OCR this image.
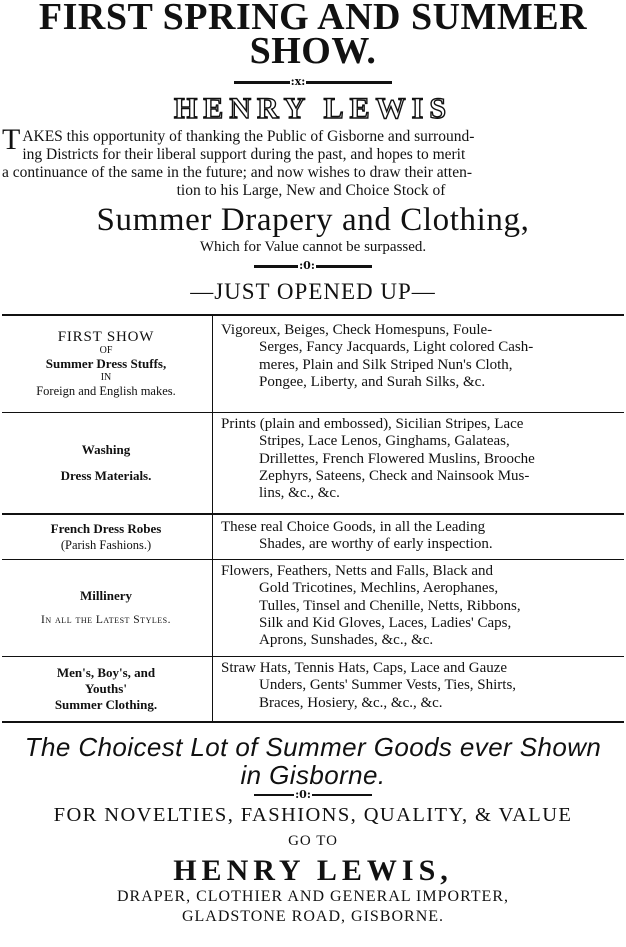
FIRST SPRING AND SUMMER
SHOW.
:x:
HENRY LEWIS
T AKES this opportunity of thanking the Public of Gisborne and surround-
ing Districts for their liberal support during the past, and hopes to merit
a continuance of the same in the future; and now wishes to draw their atten-
tion to his Large, New and Choice Stock of
Summer Drapery and Clothing,
Which for Value cannot be surpassed.
:0:
—JUST OPENED UP—
FIRST SHOW
OF
Summer Dress Stuffs,
IN
Foreign and English makes.
Vigoreux, Beiges, Check Homespuns, Foule-
Serges, Fancy Jacquards, Light colored Cash-
meres, Plain and Silk Striped Nun's Cloth,
Pongee, Liberty, and Surah Silks, &c.
Washing
Dress Materials.
Prints (plain and embossed), Sicilian Stripes, Lace
Stripes, Lace Lenos, Ginghams, Galateas,
Drillettes, French Flowered Muslins, Brooche
Zephyrs, Sateens, Check and Nainsook Mus-
lins, &c., &c.
French Dress Robes
(Parish Fashions.)
These real Choice Goods, in all the Leading
Shades, are worthy of early inspection.
Millinery
In all the Latest Styles.
Flowers, Feathers, Netts and Falls, Black and
Gold Tricotines, Mechlins, Aerophanes,
Tulles, Tinsel and Chenille, Netts, Ribbons,
Silk and Kid Gloves, Laces, Ladies' Caps,
Aprons, Sunshades, &c., &c.
Men's, Boy's, and
Youths'
Summer Clothing.
Straw Hats, Tennis Hats, Caps, Lace and Gauze
Unders, Gents' Summer Vests, Ties, Shirts,
Braces, Hosiery, &c., &c., &c.
The Choicest Lot of Summer Goods ever Shown
in Gisborne.
:0:
FOR NOVELTIES, FASHIONS, QUALITY, & VALUE
GO TO
HENRY LEWIS,
DRAPER, CLOTHIER AND GENERAL IMPORTER,
GLADSTONE ROAD, GISBORNE.
